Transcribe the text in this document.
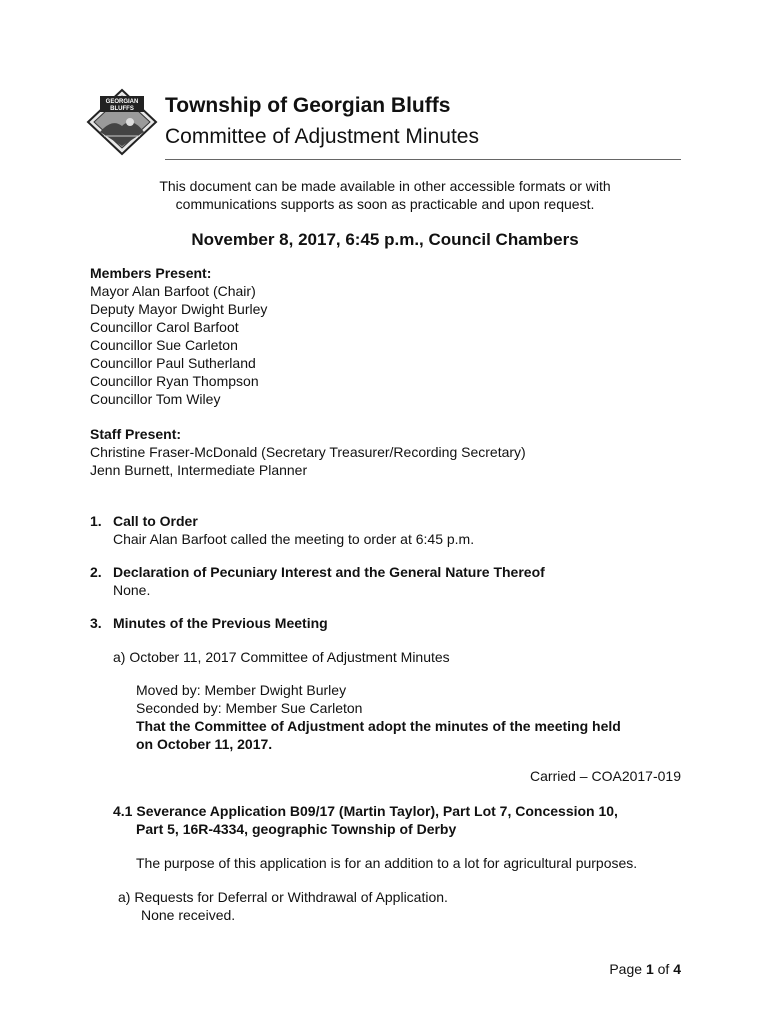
GEORGIAN
BLUFFS Township of Georgian Bluffs
Committee of Adjustment Minutes
This document can be made available in other accessible formats or with
communications supports as soon as practicable and upon request.
November 8, 2017, 6:45 p.m., Council Chambers
Members Present:
Mayor Alan Barfoot (Chair)
Deputy Mayor Dwight Burley
Councillor Carol Barfoot
Councillor Sue Carleton
Councillor Paul Sutherland
Councillor Ryan Thompson
Councillor Tom Wiley
Staff Present:
Christine Fraser-McDonald (Secretary Treasurer/Recording Secretary)
Jenn Burnett, Intermediate Planner
1. Call to Order
Chair Alan Barfoot called the meeting to order at 6:45 p.m.
2. Declaration of Pecuniary Interest and the General Nature Thereof
None.
3. Minutes of the Previous Meeting
a) October 11, 2017 Committee of Adjustment Minutes
Moved by: Member Dwight Burley
Seconded by: Member Sue Carleton
That the Committee of Adjustment adopt the minutes of the meeting held
on October 11, 2017.
Carried – COA2017-019
4.1 Severance Application B09/17 (Martin Taylor), Part Lot 7, Concession 10,
Part 5, 16R-4334, geographic Township of Derby
The purpose of this application is for an addition to a lot for agricultural purposes.
a) Requests for Deferral or Withdrawal of Application.
None received.
Page 1 of 4
